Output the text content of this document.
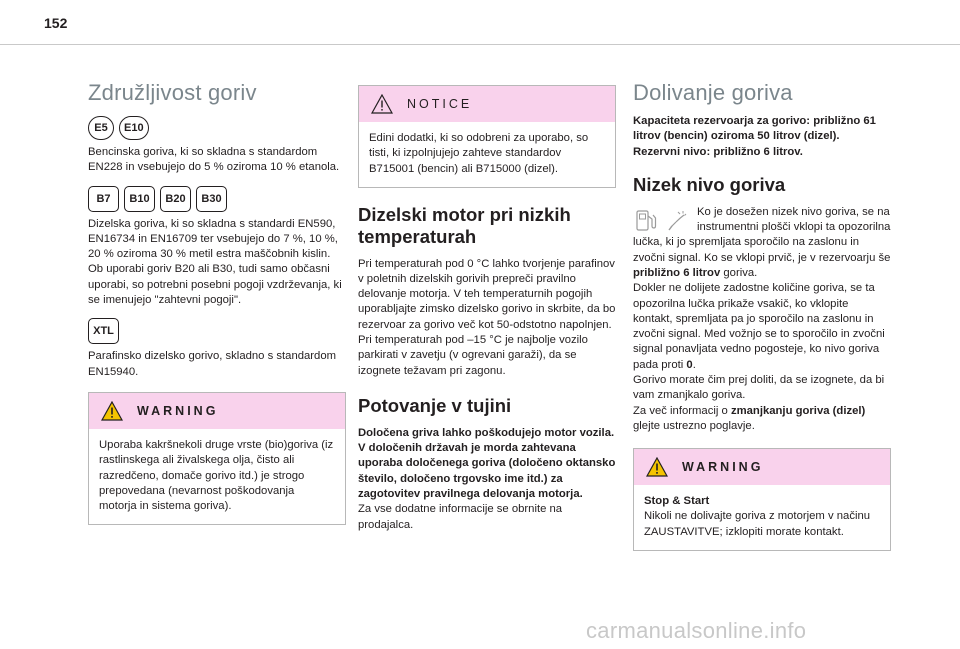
152
Združljivost goriv
E5	E10

Bencinska goriva, ki so skladna s standardom EN228 in vsebujejo do 5 % oziroma 10 % etanola.

B7	B10	B20	B30

Dizelska goriva, ki so skladna s standardi EN590, EN16734 in EN16709 ter vsebujejo do 7 %, 10 %, 20 % oziroma 30 % metil estra maščobnih kislin. Ob uporabi goriv B20 ali B30, tudi samo občasni uporabi, so potrebni posebni pogoji vzdrževanja, ki se imenujejo "zahtevni pogoji".

XTL

Parafinsko dizelsko gorivo, skladno s standardom EN15940.

WARNING

Uporaba kakršnekoli druge vrste (bio)goriva (iz rastlinskega ali živalskega olja, čisto ali razredčeno, domače gorivo itd.) je strogo prepovedana (nevarnost poškodovanja motorja in sistema goriva).

NOTICE

Edini dodatki, ki so odobreni za uporabo, so tisti, ki izpolnjujejo zahteve standardov B715001 (bencin) ali B715000 (dizel).

Dizelski motor pri nizkih temperaturah

Pri temperaturah pod 0 °C lahko tvorjenje parafinov v poletnih dizelskih gorivih prepreči pravilno delovanje motorja. V teh temperaturnih pogojih uporabljajte zimsko dizelsko gorivo in skrbite, da bo rezervoar za gorivo več kot 50-odstotno napolnjen.

Pri temperaturah pod –15 °C je najbolje vozilo parkirati v zavetju (v ogrevani garaži), da se izognete težavam pri zagonu.

Potovanje v tujini

Določena griva lahko poškodujejo motor vozila.
V določenih državah je morda zahtevana uporaba določenega goriva (določeno oktansko število, določeno trgovsko ime itd.) za zagotovitev pravilnega delovanja motorja.

Za vse dodatne informacije se obrnite na prodajalca.

Dolivanje goriva

Kapaciteta rezervoarja za gorivo: približno 61 litrov (bencin) oziroma 50 litrov (dizel).
Rezervni nivo: približno 6 litrov.

Nizek nivo goriva

Ko je dosežen nizek nivo goriva, se na instrumentni plošči vklopi ta opozorilna lučka, ki jo spremljata sporočilo na zaslonu in zvočni signal. Ko se vklopi prvič, je v rezervoarju še približno 6 litrov goriva.

Dokler ne dolijete zadostne količine goriva, se ta opozorilna lučka prikaže vsakič, ko vklopite kontakt, spremljata pa jo sporočilo na zaslonu in zvočni signal. Med vožnjo se to sporočilo in zvočni signal ponavljata vedno pogosteje, ko nivo goriva pada proti 0.

Gorivo morate čim prej doliti, da se izognete, da bi vam zmanjkalo goriva.

Za več informacij o zmanjkanju goriva (dizel) glejte ustrezno poglavje.

WARNING

Stop & Start

Nikoli ne dolivajte goriva z motorjem v načinu ZAUSTAVITVE; izklopiti morate kontakt.

carmanualsonline.info
